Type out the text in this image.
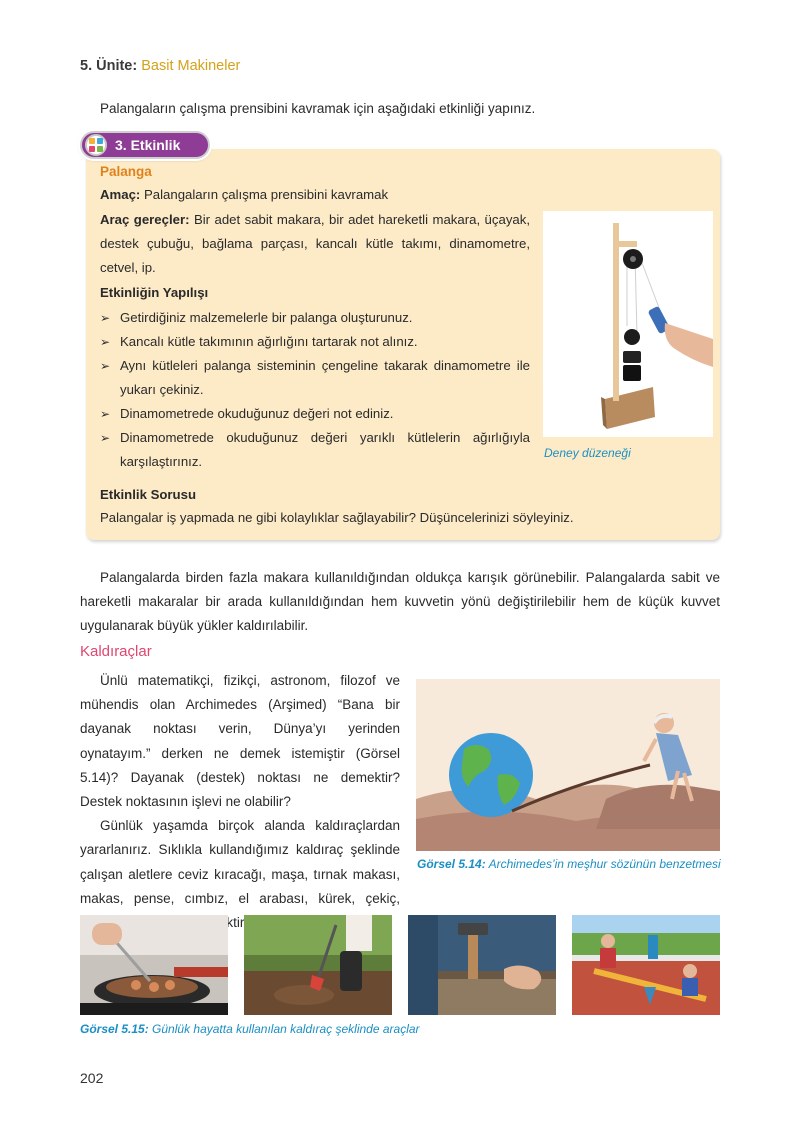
5. Ünite: Basit Makineler
Palangaların çalışma prensibini kavramak için aşağıdaki etkinliği yapınız.
3. Etkinlik
Palanga
Amaç: Palangaların çalışma prensibini kavramak
Araç gereçler: Bir adet sabit makara, bir adet hareketli makara, üçayak, destek çubuğu, bağlama parçası, kancalı kütle takımı, dinamometre, cetvel, ip.
Etkinliğin Yapılışı
➢ Getirdiğiniz malzemelerle bir palanga oluşturunuz.
➢ Kancalı kütle takımının ağırlığını tartarak not alınız.
➢ Aynı kütleleri palanga sisteminin çengeline takarak dinamometre ile yukarı çekiniz.
➢ Dinamometrede okuduğunuz değeri not ediniz.
➢ Dinamometrede okuduğunuz değeri yarıklı kütlelerin ağırlığıyla karşılaştırınız.
Etkinlik Sorusu
Palangalar iş yapmada ne gibi kolaylıklar sağlayabilir? Düşüncelerinizi söyleyiniz.
Deney düzeneği
Palangalarda birden fazla makara kullanıldığından oldukça karışık görünebilir. Palangalarda sabit ve hareketli makaralar bir arada kullanıldığından hem kuvvetin yönü değiştirilebilir hem de küçük kuvvet uygulanarak büyük yükler kaldırılabilir.
Kaldıraçlar

Ünlü matematikçi, fizikçi, astronom, filozof ve mühendis olan Archimedes (Arşimed) “Bana bir dayanak noktası verin, Dünya’yı yerinden oynatayım.” derken ne demek istemiştir (Görsel 5.14)? Dayanak (destek) noktası ne demektir? Destek noktasının işlevi ne olabilir?

Günlük yaşamda birçok alanda kaldıraçlardan yararlanırız. Sıklıkla kullandığımız kaldıraç şeklinde çalışan aletlere ceviz kıracağı, maşa, tırnak makası, makas, pense, cımbız, el arabası, kürek, çekiç,

Görsel 5.14: Archimedes’in meşhur sözünün benzetmesi
Görsel 5.15: Günlük hayatta kullanılan kaldıraç şeklinde araçlar
202
